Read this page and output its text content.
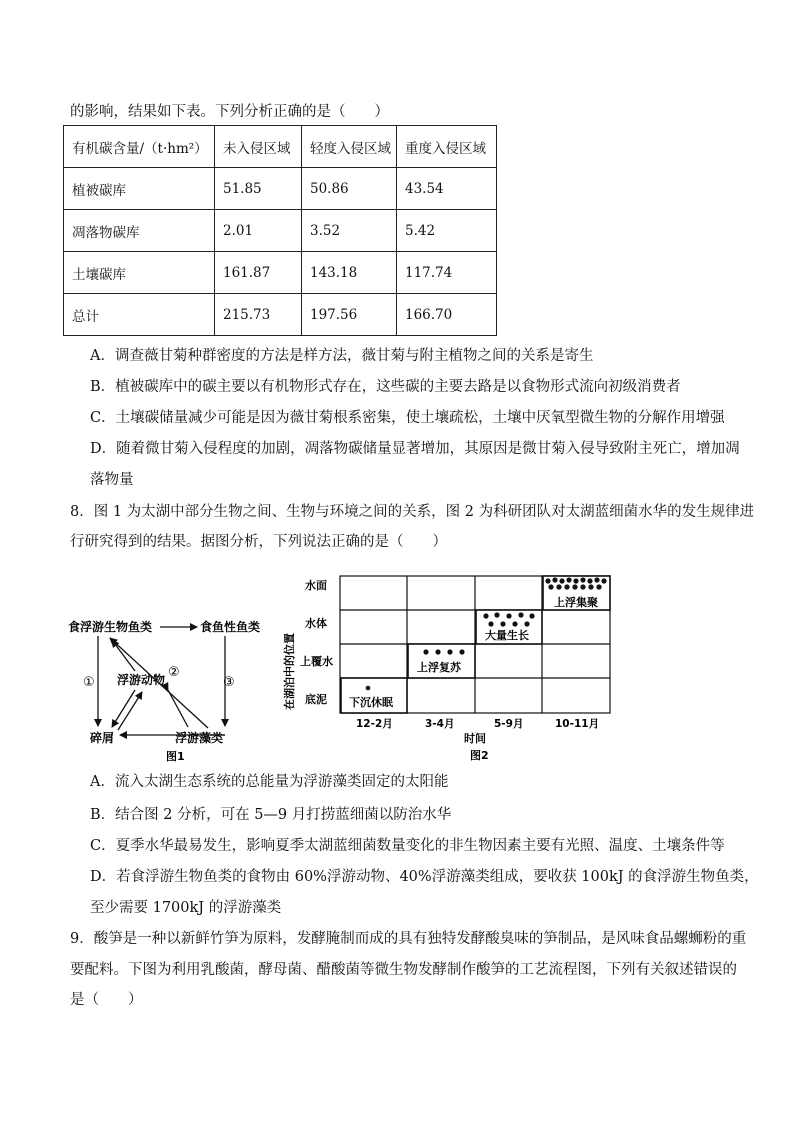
的影响，结果如下表。下列分析正确的是（　　）
有机碳含量/（t·hm²）	未入侵区域	轻度入侵区域	重度入侵区域
植被碳库	51.85	50.86	43.54
凋落物碳库	2.01	3.52	5.42
土壤碳库	161.87	143.18	117.74
总计	215.73	197.56	166.70
A．调查薇甘菊种群密度的方法是样方法，薇甘菊与附主植物之间的关系是寄生
B．植被碳库中的碳主要以有机物形式存在，这些碳的主要去路是以食物形式流向初级消费者
C．土壤碳储量减少可能是因为薇甘菊根系密集，使土壤疏松，土壤中厌氧型微生物的分解作用增强
D．随着微甘菊入侵程度的加剧，凋落物碳储量显著增加，其原因是微甘菊入侵导致附主死亡，增加凋
落物量
8．图 1 为太湖中部分生物之间、生物与环境之间的关系，图 2 为科研团队对太湖蓝细菌水华的发生规律进
行研究得到的结果。据图分析，下列说法正确的是（　　）
食浮游生物鱼类	食鱼性鱼类
浮游动物
碎屑	浮游藻类
①
②
③
图1
在湖泊中的位置
水面
水体
上覆水
底泥 下沉休眠
上浮复苏
大量生长
上浮集聚
12-2月	3-4月	5-9月	10-11月
时间
图2
A．流入太湖生态系统的总能量为浮游藻类固定的太阳能
B．结合图 2 分析，可在 5—9 月打捞蓝细菌以防治水华
C．夏季水华最易发生，影响夏季太湖蓝细菌数量变化的非生物因素主要有光照、温度、土壤条件等
D．若食浮游生物鱼类的食物由 60%浮游动物、40%浮游藻类组成，要收获 100kJ 的食浮游生物鱼类，
至少需要 1700kJ 的浮游藻类
9．酸笋是一种以新鲜竹笋为原料，发酵腌制而成的具有独特发酵酸臭味的笋制品，是风味食品螺蛳粉的重
要配料。下图为利用乳酸菌，酵母菌、醋酸菌等微生物发酵制作酸笋的工艺流程图，下列有关叙述错误的
是（　　）
